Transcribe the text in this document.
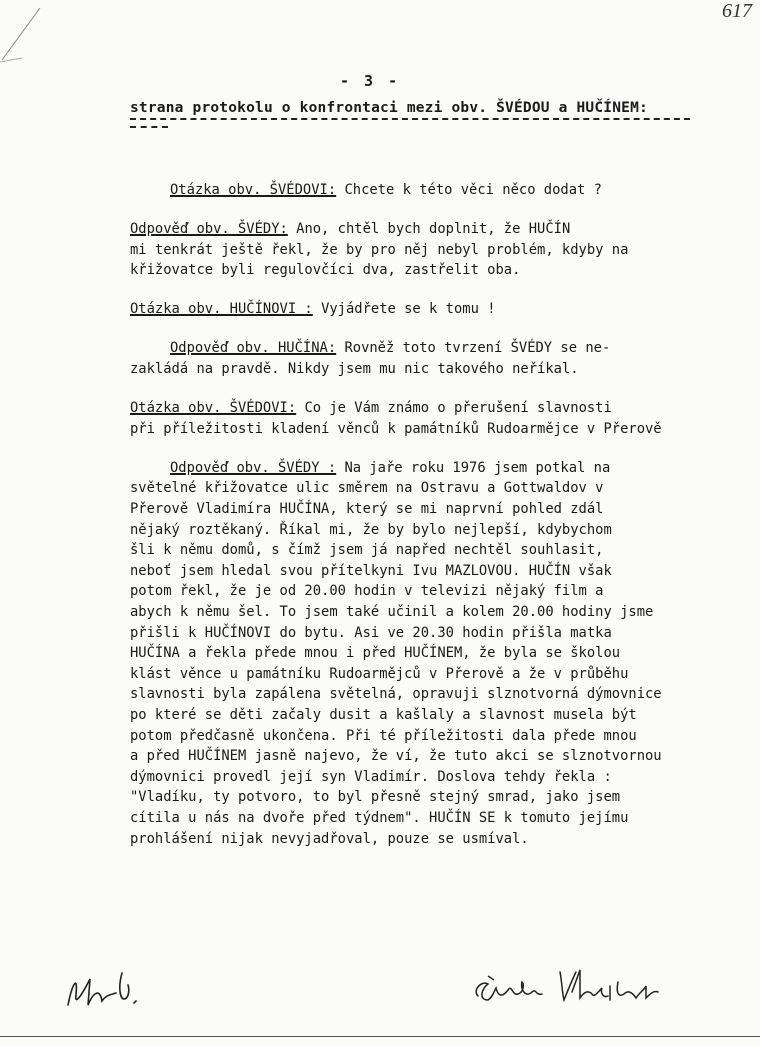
617
- 3 -
strana protokolu o konfrontaci mezi obv. ŠVÉDOU a HUČÍNEM:

Otázka obv. ŠVÉDOVI: Chcete k této věci něco dodat ?

Odpověď obv. ŠVÉDY: Ano, chtěl bych doplnit, že HUČÍN

mi tenkrát ještě řekl, že by pro něj nebyl problém, kdyby na

křižovatce byli regulovčíci dva, zastřelit oba.

Otázka obv. HUČÍNOVI : Vyjádřete se k tomu !

Odpověď obv. HUČÍNA: Rovněž toto tvrzení ŠVÉDY se ne-

zakládá na pravdě. Nikdy jsem mu nic takového neříkal.

Otázka obv. ŠVÉDOVI: Co je Vám známo o přerušení slavnosti

při příležitosti kladení věnců k památníků Rudoarmějce v Přerově

Odpověď obv. ŠVÉDY : Na jaře roku 1976 jsem potkal na

světelné křižovatce ulic směrem na Ostravu a Gottwaldov v

Přerově Vladimíra HUČÍNA, který se mi naprvní pohled zdál

nějaký roztěkaný. Říkal mi, že by bylo nejlepší, kdybychom

šli k němu domů, s čímž jsem já napřed nechtěl souhlasit,

neboť jsem hledal svou přítelkyni Ivu MAZLOVOU. HUČÍN však

potom řekl, že je od 20.00 hodin v televizi nějaký film a

abych k němu šel. To jsem také učinil a kolem 20.00 hodiny jsme

přišli k HUČÍNOVI do bytu. Asi ve 20.30 hodin přišla matka

HUČÍNA a řekla přede mnou i před HUČÍNEM, že byla se školou

klást věnce u památníku Rudoarmějců v Přerově a že v průběhu

slavnosti byla zapálena světelná, opravuji slznotvorná dýmovnice

po které se děti začaly dusit a kašlaly a slavnost musela být

potom předčasně ukončena. Při té příležitosti dala přede mnou

a před HUČÍNEM jasně najevo, že ví, že tuto akci se slznotvornou

dýmovnici provedl její syn Vladimír. Doslova tehdy řekla :

"Vladíku, ty potvoro, to byl přesně stejný smrad, jako jsem

cítila u nás na dvoře před týdnem". HUČÍN SE k tomuto jejímu

prohlášení nijak nevyjadřoval, pouze se usmíval.
